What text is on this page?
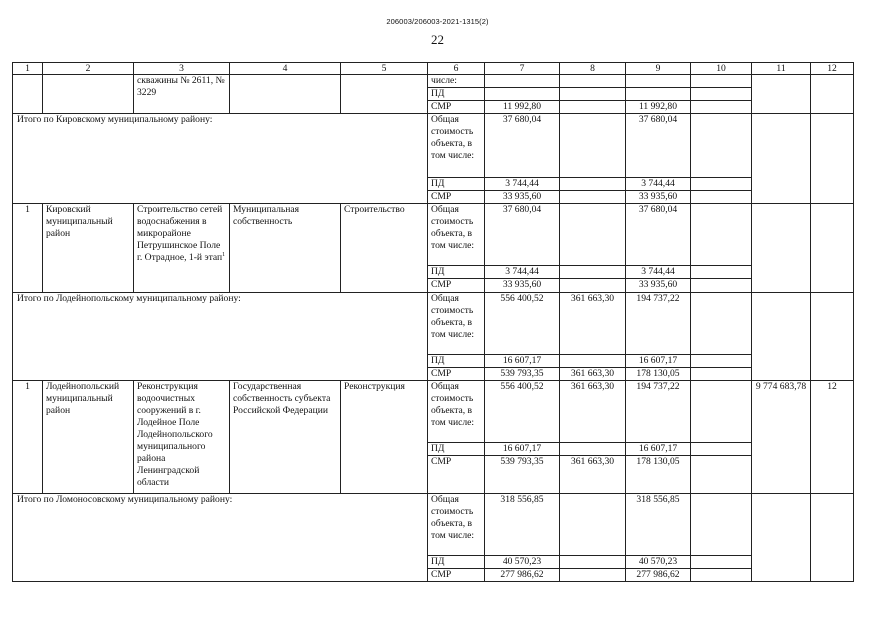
206003/206003-2021-1315(2)
22
1	2	3	4	5	6	7	8	9	10	11	12
		скважины № 2611, № 3229			числе:						
					ПД						
					СМР	11 992,80		11 992,80			
Итого по Кировскому муниципальному району:					Общая стоимость объекта, в том числе:	37 680,04		37 680,04			
					ПД	3 744,44		3 744,44			
					СМР	33 935,60		33 935,60			
1	Кировский муниципальный район	Строительство сетей водоснабжения в микрорайоне Петрушинское Поле г. Отрадное, 1-й этап$^1$	Муниципальная собственность	Строительство	Общая стоимость объекта, в том числе:	37 680,04		37 680,04			
					ПД	3 744,44		3 744,44			
					СМР	33 935,60		33 935,60			
Итого по Лодейнопольскому муниципальному району:					Общая стоимость объекта, в том числе:	556 400,52	361 663,30	194 737,22			
					ПД	16 607,17		16 607,17			
					СМР	539 793,35	361 663,30	178 130,05			
1	Лодейнопольский муниципальный район	Реконструкция водоочистных сооружений в г. Лодейное Поле Лодейнопольского муниципального района Ленинградской области	Государственная собственность субъекта Российской Федерации	Реконструкция	Общая стоимость объекта, в том числе:	556 400,52	361 663,30	194 737,22		9 774 683,78	12
					ПД	16 607,17		16 607,17			
					СМР	539 793,35	361 663,30	178 130,05			
Итого по Ломоносовскому муниципальному району:					Общая стоимость объекта, в том числе:	318 556,85		318 556,85			
					ПД	40 570,23		40 570,23			
					СМР	277 986,62		277 986,62			
